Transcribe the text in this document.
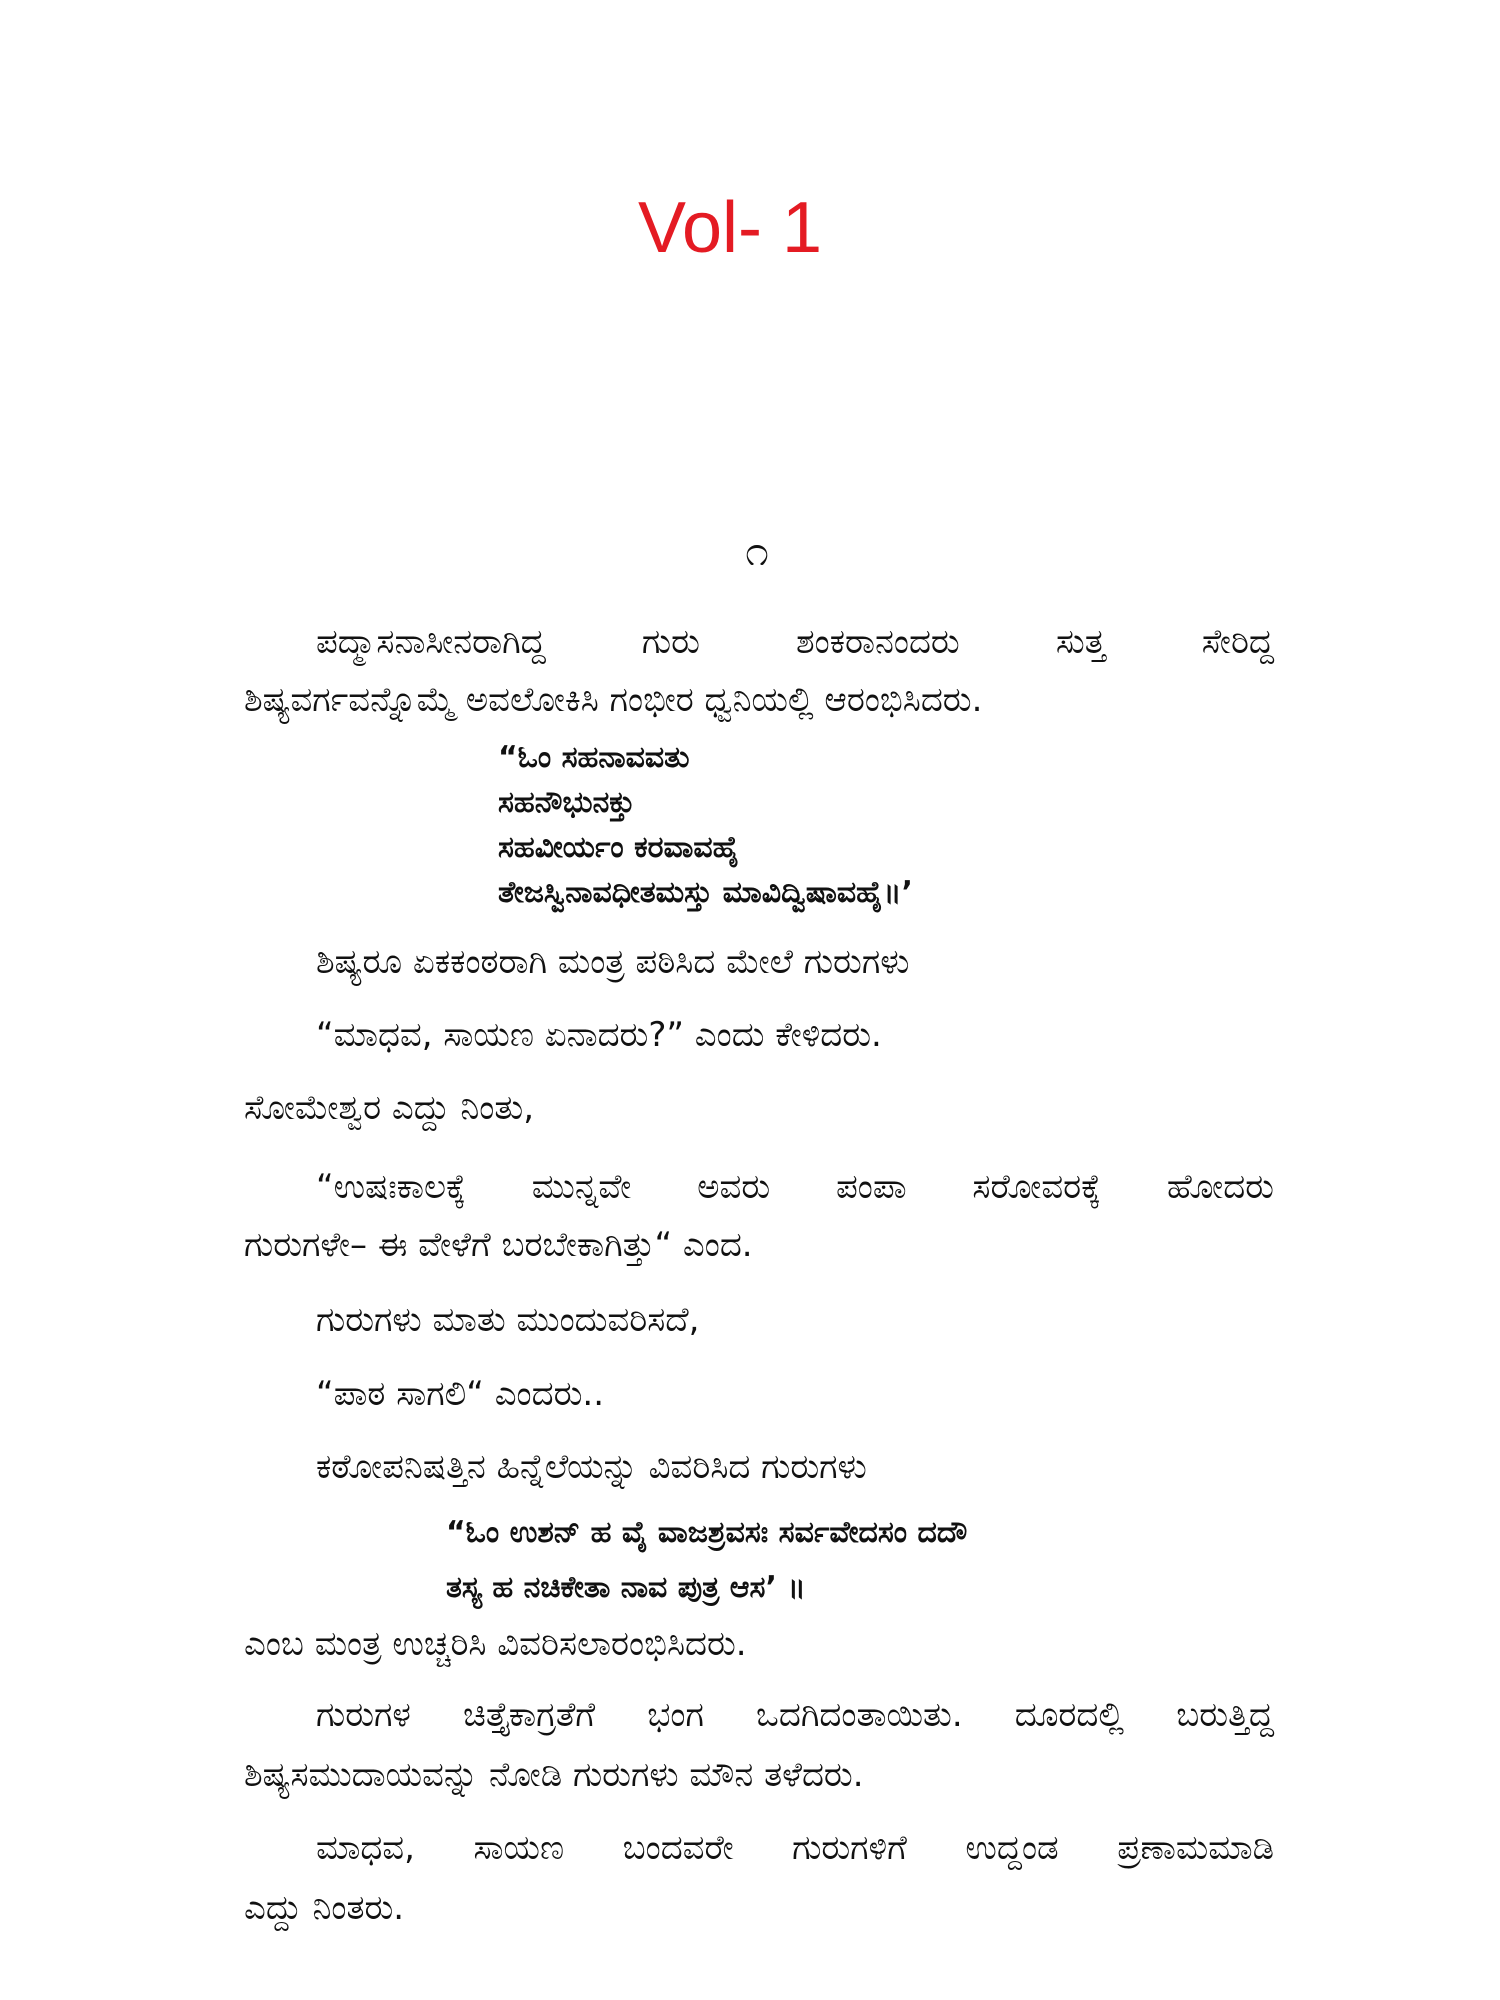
Vol- 1
೧
ಪದ್ಮಾಸನಾಸೀನರಾಗಿದ್ದ ಗುರು ಶಂಕರಾನಂದರು ಸುತ್ತ ಸೇರಿದ್ದ
ಶಿಷ್ಯವರ್ಗವನ್ನೊಮ್ಮೆ ಅವಲೋಕಿಸಿ ಗಂಭೀರ ಧ್ವನಿಯಲ್ಲಿ ಆರಂಭಿಸಿದರು.
“ಓಂ ಸಹನಾವವತು
ಸಹನೌಭುನಕ್ತು
ಸಹವೀರ್ಯಂ ಕರವಾವಹೈ
ತೇಜಸ್ವಿನಾವಧೀತಮಸ್ತು ಮಾವಿದ್ವಿಷಾವಹೈ॥’
ಶಿಷ್ಯರೂ ಏಕಕಂಠರಾಗಿ ಮಂತ್ರ ಪಠಿಸಿದ ಮೇಲೆ ಗುರುಗಳು
“ಮಾಧವ, ಸಾಯಣ ಏನಾದರು?” ಎಂದು ಕೇಳಿದರು.
ಸೋಮೇಶ್ವರ ಎದ್ದು ನಿಂತು,
“ಉಷಃಕಾಲಕ್ಕೆ ಮುನ್ನವೇ ಅವರು ಪಂಪಾ ಸರೋವರಕ್ಕೆ ಹೋದರು
ಗುರುಗಳೇ– ಈ ವೇಳೆಗೆ ಬರಬೇಕಾಗಿತ್ತು“ ಎಂದ.
ಗುರುಗಳು ಮಾತು ಮುಂದುವರಿಸದೆ,
“ಪಾಠ ಸಾಗಲಿ“ ಎಂದರು..
ಕಠೋಪನಿಷತ್ತಿನ ಹಿನ್ನೆಲೆಯನ್ನು ವಿವರಿಸಿದ ಗುರುಗಳು
“ಓಂ ಉಶನ್ ಹ ವೈ ವಾಜಶ್ರವಸಃ ಸರ್ವವೇದಸಂ ದದೌ
ತಸ್ಯ ಹ ನಚಿಕೇತಾ ನಾವ ಪುತ್ರ ಆಸ’ ॥
ಎಂಬ ಮಂತ್ರ ಉಚ್ಚರಿಸಿ ವಿವರಿಸಲಾರಂಭಿಸಿದರು.
ಗುರುಗಳ ಚಿತ್ತೈಕಾಗ್ರತೆಗೆ ಭಂಗ ಒದಗಿದಂತಾಯಿತು. ದೂರದಲ್ಲಿ ಬರುತ್ತಿದ್ದ
ಶಿಷ್ಯಸಮುದಾಯವನ್ನು ನೋಡಿ ಗುರುಗಳು ಮೌನ ತಳೆದರು.
ಮಾಧವ, ಸಾಯಣ ಬಂದವರೇ ಗುರುಗಳಿಗೆ ಉದ್ದಂಡ ಪ್ರಣಾಮಮಾಡಿ
ಎದ್ದು ನಿಂತರು.
